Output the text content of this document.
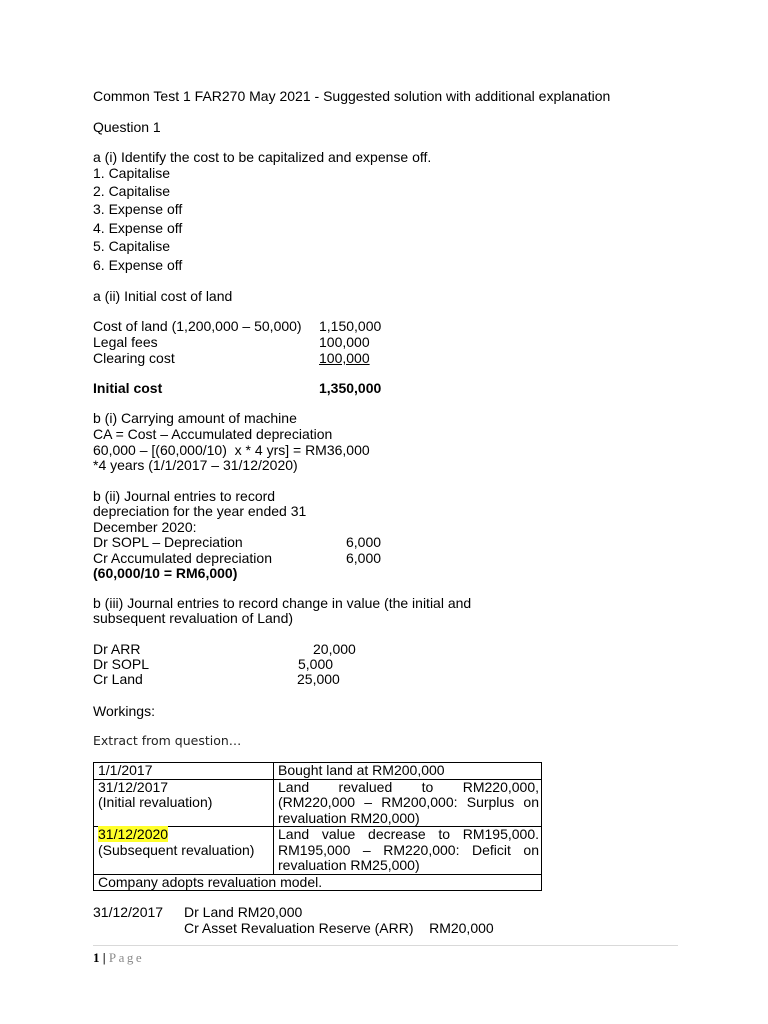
Common Test 1 FAR270 May 2021 - Suggested solution with additional explanation
Question 1
a (i) Identify the cost to be capitalized and expense off.
1. Capitalise
2. Capitalise
3. Expense off
4. Expense off
5. Capitalise
6. Expense off
a (ii) Initial cost of land
Cost of land (1,200,000 – 50,000) 1,150,000
Legal fees	100,000
Clearing cost	100,000
Initial cost	1,350,000
b (i) Carrying amount of machine
CA = Cost – Accumulated depreciation
60,000 – [(60,000/10)  x * 4 yrs] = RM36,000
*4 years (1/1/2017 – 31/12/2020)
b (ii) Journal entries to record
depreciation for the year ended 31
December 2020:
Dr SOPL – Depreciation	6,000
Cr Accumulated depreciation	6,000
(60,000/10 = RM6,000)
b (iii) Journal entries to record change in value (the initial and
subsequent revaluation of Land)
Dr ARR	20,000
Dr SOPL	5,000
Cr Land	25,000
Workings:
Extract from question…
31/12/2017 Dr Land RM20,000
Cr Asset Revaluation Reserve (ARR)    RM20,000
1/1/2017	Bought land at RM200,000

31/12/2017
(Initial revaluation)	Land revalued to RM220,000, (RM220,000 – RM200,000: Surplus on revaluation RM20,000)

31/12/2020
(Subsequent revaluation)	Land value decrease to RM195,000. RM195,000 – RM220,000: Deficit on revaluation RM25,000)
Company adopts revaluation model.	
1 | Page
